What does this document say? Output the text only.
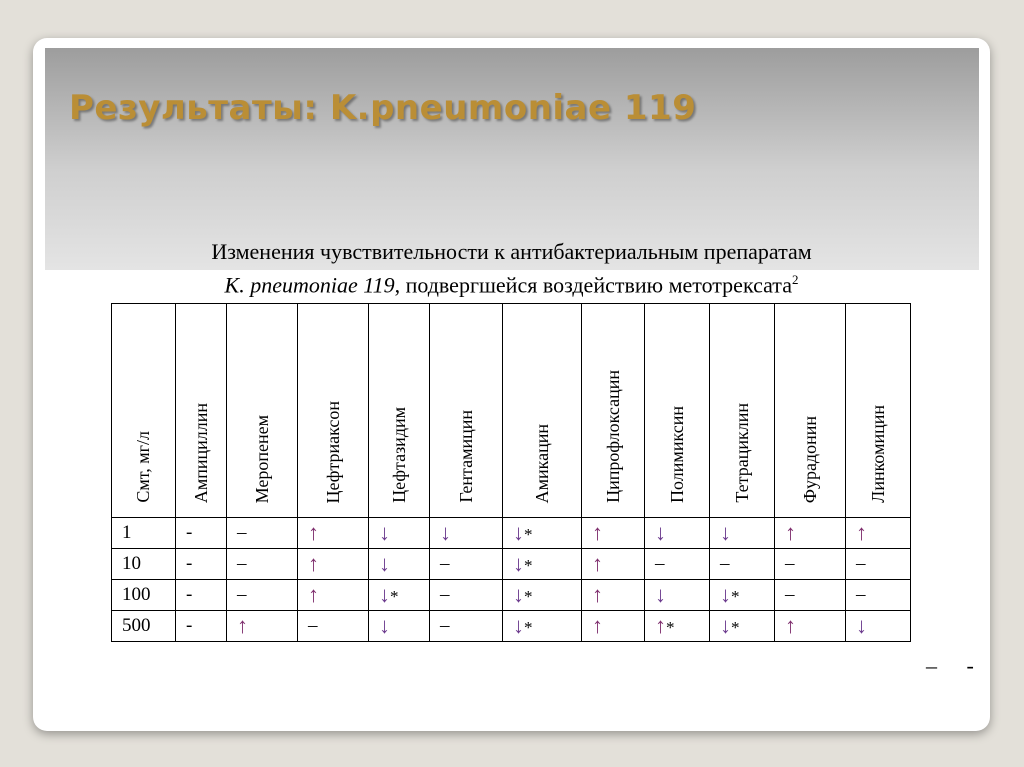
Результаты: K.pneumoniae 119
Изменения чувствительности к антибактериальным препаратам
K. pneumoniae 119, подвергшейся воздействию метотрексата$^2$
Смт, мг/л	Ампициллин	Меропенем	Цефтриаксон	Цефтазидим	Гентамицин	Амикацин	Ципрофлоксацин	Полимиксин	Тетрациклин	Фурадонин	Линкомицин
1	-	–	↑	↓	↓	↓*	↑	↓	↓	↑	↑
10	-	–	↑	↓	–	↓*	↑	–	–	–	–
100	-	–	↑	↓*	–	↓*	↑	↓	↓*	–	–
500	-	↑	–	↓	–	↓*	↑	↑*	↓*	↑	↓
– -
